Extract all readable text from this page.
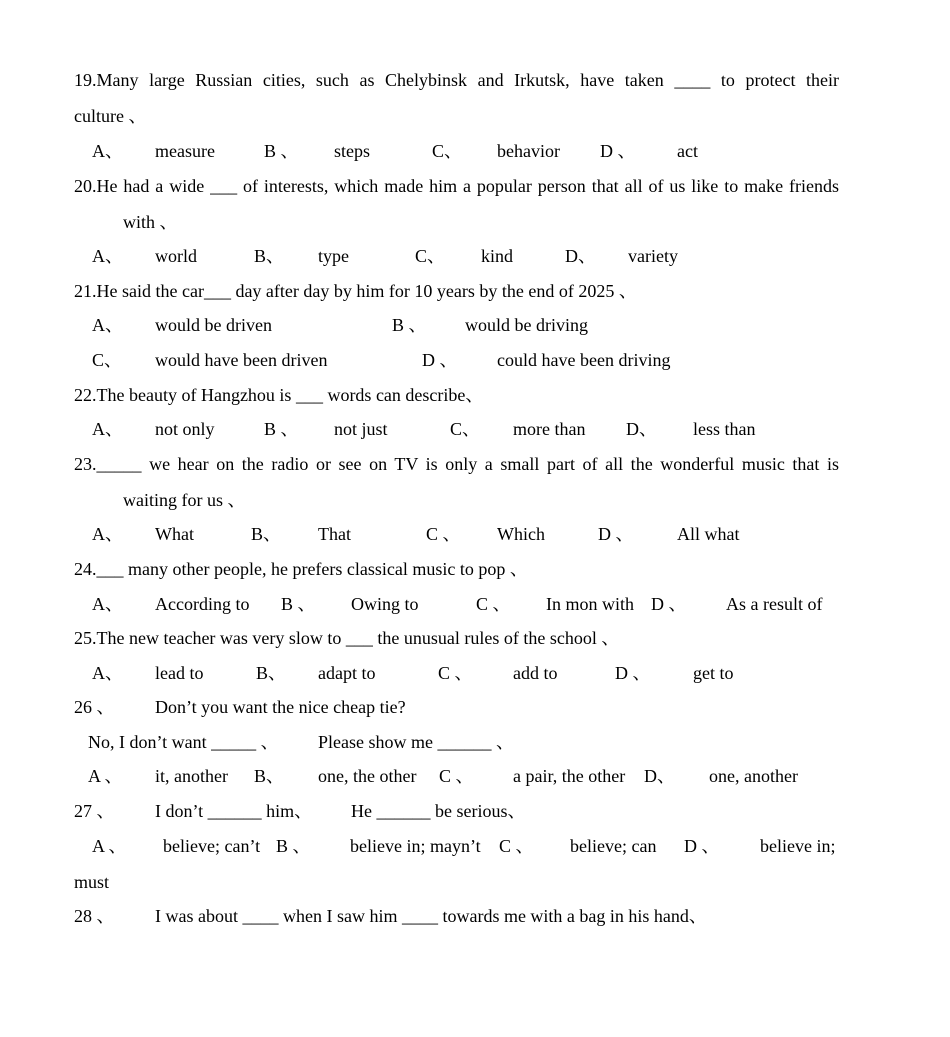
19.Many large Russian cities, such as Chelybinsk and Irkutsk, have taken ____ to protect their
culture 、
A、 measure	B 、 steps	C、 behavior D 、 act
20.He had a wide ___ of interests, which made him a popular person that all of us like to make friends
with 、
A、 world	B、 type	C、 kind	D、 variety
21.He said the car___ day after day by him for 10 years by the end of 2025 、
A、 would be driven	B 、 would be driving
C、 would have been driven	D 、 could have been driving
22.The beauty of Hangzhou is ___ words can describe、
A、 not only	B 、 not just	C、 more than D、 less than
23._____ we hear on the radio or see on TV is only a small part of all the wonderful music that is
waiting for us 、
A、 What	B、 That	C 、 Which	D 、 All what
24.___ many other people, he prefers classical music to pop 、
A、 According to B 、 Owing to	C 、 In mon with D 、 As a result of
25.The new teacher was very slow to ___ the unusual rules of the school 、
A、 lead to	B、 adapt to	C 、 add to	D 、 get to
26 、 Don’t you want the nice cheap tie?
No, I don’t want _____ 、 Please show me ______ 、
A 、 it, another B、 one, the other C 、 a pair, the other D、 one, another
27 、 I don’t ______ him、 He ______ be serious、
A 、 believe; can’t B 、 believe in; mayn’t C 、 believe; can D 、 believe in;
must
28 、 I was about ____ when I saw him ____ towards me with a bag in his hand、
